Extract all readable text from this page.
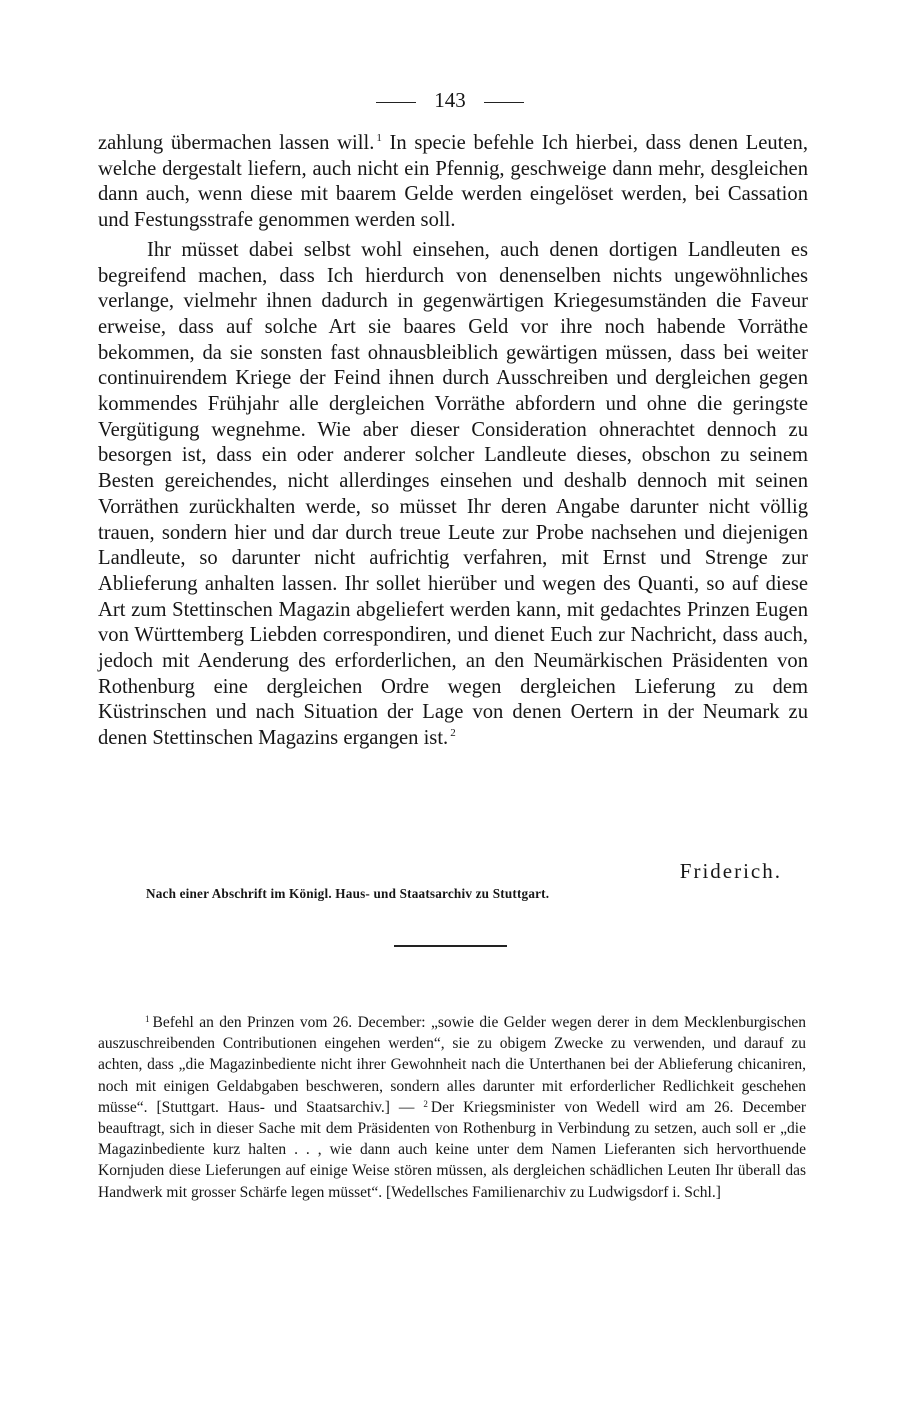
143

zahlung übermachen lassen will. $^1$ In specie befehle Ich hierbei, dass denen Leuten, welche dergestalt liefern, auch nicht ein Pfennig, geschweige dann mehr, desgleichen dann auch, wenn diese mit baarem Gelde werden eingelöset werden, bei Cassation und Festungsstrafe genommen werden soll.

Ihr müsset dabei selbst wohl einsehen, auch denen dortigen Landleuten es begreifend machen, dass Ich hierdurch von denenselben nichts ungewöhnliches verlange, vielmehr ihnen dadurch in gegenwärtigen Kriegesumständen die Faveur erweise, dass auf solche Art sie baares Geld vor ihre noch habende Vorräthe bekommen, da sie sonsten fast ohnausbleiblich gewärtigen müssen, dass bei weiter continuirendem Kriege der Feind ihnen durch Ausschreiben und dergleichen gegen kommendes Frühjahr alle dergleichen Vorräthe abfordern und ohne die geringste Vergütigung wegnehme. Wie aber dieser Consideration ohnerachtet dennoch zu besorgen ist, dass ein oder anderer solcher Landleute dieses, obschon zu seinem Besten gereichendes, nicht allerdinges einsehen und deshalb dennoch mit seinen Vorräthen zurückhalten werde, so müsset Ihr deren Angabe darunter nicht völlig trauen, sondern hier und dar durch treue Leute zur Probe nachsehen und diejenigen Landleute, so darunter nicht aufrichtig verfahren, mit Ernst und Strenge zur Ablieferung anhalten lassen. Ihr sollet hierüber und wegen des Quanti, so auf diese Art zum Stettinschen Magazin abgeliefert werden kann, mit gedachtes Prinzen Eugen von Württemberg Liebden correspondiren, und dienet Euch zur Nachricht, dass auch, jedoch mit Aenderung des erforderlichen, an den Neumärkischen Präsidenten von Rothenburg eine dergleichen Ordre wegen dergleichen Lieferung zu dem Küstrinschen und nach Situation der Lage von denen Oertern in der Neumark zu denen Stettinschen Magazins ergangen ist. $^2$

Friderich.
Nach einer Abschrift im Königl. Haus- und Staatsarchiv zu Stuttgart.

$^1$ Befehl an den Prinzen vom 26. December: „sowie die Gelder wegen derer in dem Mecklenburgischen auszuschreibenden Contributionen eingehen werden“, sie zu obigem Zwecke zu verwenden, und darauf zu achten, dass „die Magazinbediente nicht ihrer Gewohnheit nach die Unterthanen bei der Ablieferung chicaniren, noch mit einigen Geldabgaben beschweren, sondern alles darunter mit erforderlicher Redlichkeit geschehen müsse“. [Stuttgart. Haus- und Staatsarchiv.] — $^2$ Der Kriegsminister von Wedell wird am 26. December beauftragt, sich in dieser Sache mit dem Präsidenten von Rothenburg in Verbindung zu setzen, auch soll er „die Magazinbediente kurz halten . . , wie dann auch keine unter dem Namen Lieferanten sich hervorthuende Kornjuden diese Lieferungen auf einige Weise stören müssen, als dergleichen schädlichen Leuten Ihr überall das Handwerk mit grosser Schärfe legen müsset“. [Wedellsches Familienarchiv zu Ludwigsdorf i. Schl.]
